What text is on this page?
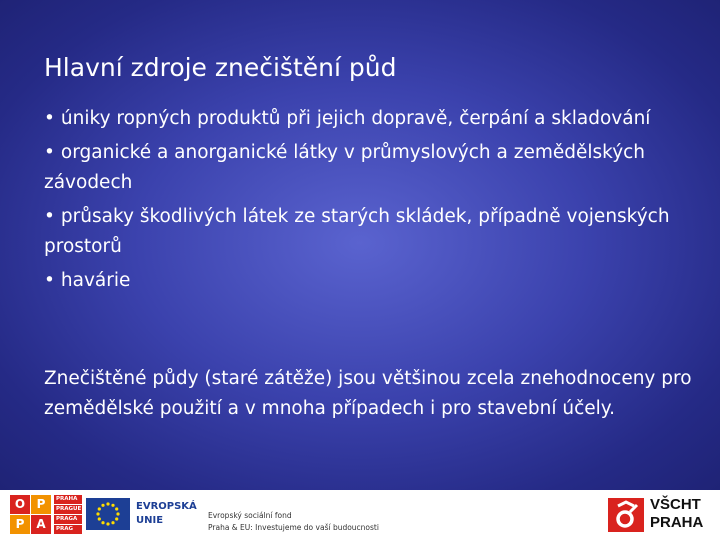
Hlavní zdroje znečištění půd
• úniky ropných produktů při jejich dopravě, čerpání a skladování
• organické a anorganické látky v průmyslových a zemědělských závodech
• průsaky škodlivých látek ze starých skládek, případně vojenských prostorů
• havárie
Znečištěné půdy (staré zátěže) jsou většinou zcela znehodnoceny pro zemědělské použití a v mnoha případech i pro stavební účely.
O P
P A
PRAHA
PRAGUE
PRAGA
PRAG
EVROPSKÁ
UNIE	Evropský sociální fond
Praha & EU: Investujeme do vaší budoucnosti
VŠCHT
PRAHA
